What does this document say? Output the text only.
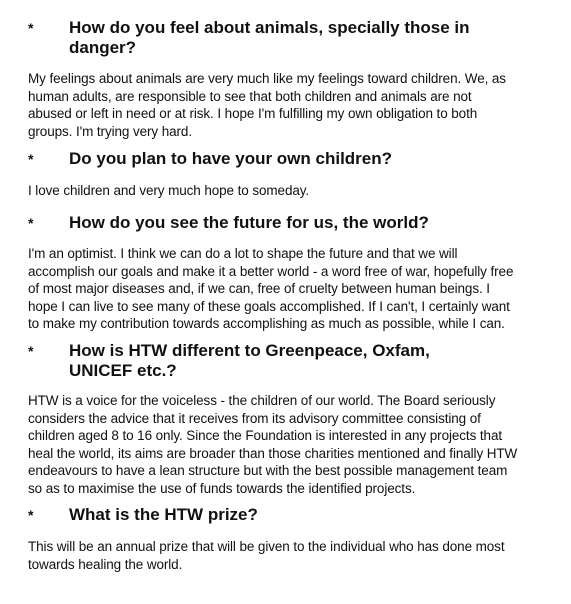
* How do you feel about animals, specially those in
danger?
My feelings about animals are very much like my feelings toward children. We, as
human adults, are responsible to see that both children and animals are not
abused or left in need or at risk. I hope I'm fulfilling my own obligation to both
groups. I'm trying very hard.
* Do you plan to have your own children?
I love children and very much hope to someday.
* How do you see the future for us, the world?
I'm an optimist. I think we can do a lot to shape the future and that we will
accomplish our goals and make it a better world - a word free of war, hopefully free
of most major diseases and, if we can, free of cruelty between human beings. I
hope I can live to see many of these goals accomplished. If I can't, I certainly want
to make my contribution towards accomplishing as much as possible, while I can.
* How is HTW different to Greenpeace, Oxfam,
UNICEF etc.?
HTW is a voice for the voiceless - the children of our world. The Board seriously
considers the advice that it receives from its advisory committee consisting of
children aged 8 to 16 only. Since the Foundation is interested in any projects that
heal the world, its aims are broader than those charities mentioned and finally HTW
endeavours to have a lean structure but with the best possible management team
so as to maximise the use of funds towards the identified projects.
* What is the HTW prize?
This will be an annual prize that will be given to the individual who has done most
towards healing the world.
